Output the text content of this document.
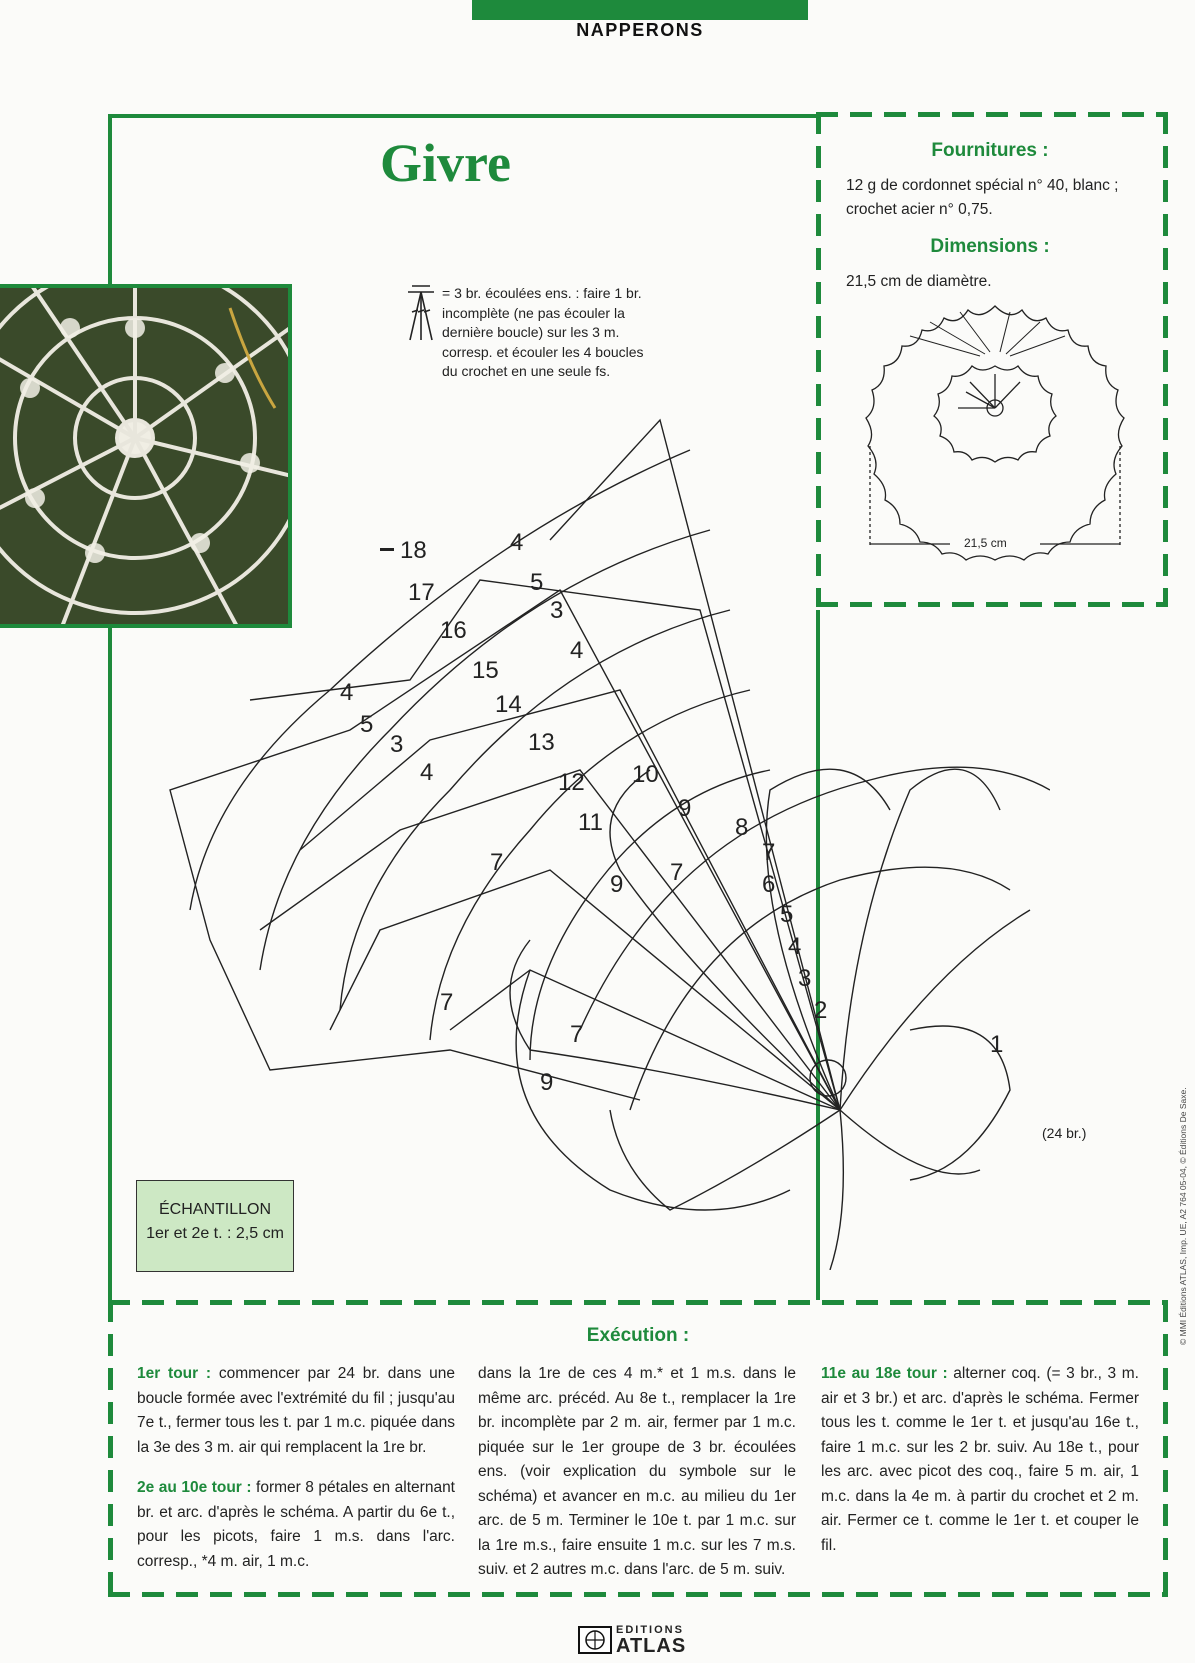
NAPPERONS
Givre
= 3 br. écoulées ens. : faire 1 br. incomplète (ne pas écouler la dernière boucle) sur les 3 m. corresp. et écouler les 4 boucles du crochet en une seule fs.
Fournitures :
12 g de cordonnet spécial n° 40, blanc ; crochet acier n° 0,75.
Dimensions :
21,5 cm de diamètre.
21,5 cm
18
17
16
15
14
13
12
11
10
9
8
7
6
5
4
3
2
1
4
5
3
4
4
5
3
4
7
7
9 7
7
9
(24 br.)
ÉCHANTILLON
1er et 2e t. : 2,5 cm
Exécution :

1er tour : commencer par 24 br. dans une boucle formée avec l'extrémité du fil ; jusqu'au 7e t., fermer tous les t. par 1 m.c. piquée dans la 3e des 3 m. air qui remplacent la 1re br.

2e au 10e tour : former 8 pétales en alternant br. et arc. d'après le schéma. A partir du 6e t., pour les picots, faire 1 m.s. dans l'arc. corresp., *4 m. air, 1 m.c.

dans la 1re de ces 4 m.* et 1 m.s. dans le même arc. précéd. Au 8e t., remplacer la 1re br. incomplète par 2 m. air, fermer par 1 m.c. piquée sur le 1er groupe de 3 br. écoulées ens. (voir explication du symbole sur le schéma) et avancer en m.c. au milieu du 1er arc. de 5 m. Terminer le 10e t. par 1 m.c. sur la 1re m.s., faire ensuite 1 m.c. sur les 7 m.s. suiv. et 2 autres m.c. dans l'arc. de 5 m. suiv.

11e au 18e tour : alterner coq. (= 3 br., 3 m. air et 3 br.) et arc. d'après le schéma. Fermer tous les t. comme le 1er t. et jusqu'au 16e t., faire 1 m.c. sur les 2 br. suiv. Au 18e t., pour les arc. avec picot des coq., faire 5 m. air, 1 m.c. dans la 4e m. à partir du crochet et 2 m. air. Fermer ce t. comme le 1er t. et couper le fil.

EDITIONS
ATLAS
© MMI Éditions ATLAS, Imp. UE, A2 764 05-04, © Éditions De Saxe.
